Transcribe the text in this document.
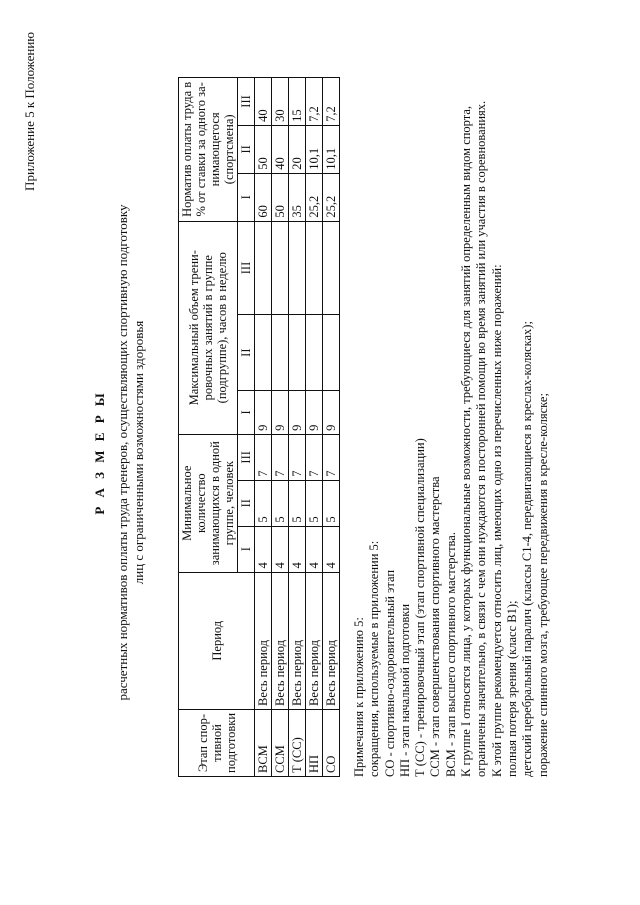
Приложение 5 к Положению
Р А З М Е Р Ы расчетных нормативов оплаты труда тренеров, осуществляющих спортивную подготовку лиц с ограниченными возможностями здоровья
Этап спор-тивной подготовки	Период	Минимальное количество занимающихся в одной группе, человек			Максимальный объем трени-ровочных занятий в группе (подгруппе), часов в неделю			Норматив оплаты труда в % от ставки за одного за-нимающегося (спортсмена)		
		I	II	III	I	II	III	I	II	III
ВСМ	Весь период	4	5	7	9			60	50	40
ССМ	Весь период	4	5	7	9			50	40	30
Т (СС)	Весь период	4	5	7	9			35	20	15
НП	Весь период	4	5	7	9			25,2	10,1	7,2
СО	Весь период	4	5	7	9			25,2	10,1	7,2

Примечания к приложению 5: сокращения, используемые в приложении 5: СО - спортивно-оздоровительный этап НП - этап начальной подготовки Т (СС) - тренировочный этап (этап спортивной специализации) ССМ - этап совершенствования спортивного мастерства ВСМ - этап высшего спортивного мастерства. К группе I относятся лица, у которых функциональные возможности, требующиеся для занятий определенным видом спорта, ограничены значительно, в связи с чем они нуждаются в посторонней помощи во время занятий или участия в соревнованиях. К этой группе рекомендуется относить лиц, имеющих одно из перечисленных ниже поражений: полная потеря зрения (класс В1); детский церебральный паралич (классы С1-4, передвигающиеся в креслах-колясках); поражение спинного мозга, требующее передвижения в кресле-коляске;
